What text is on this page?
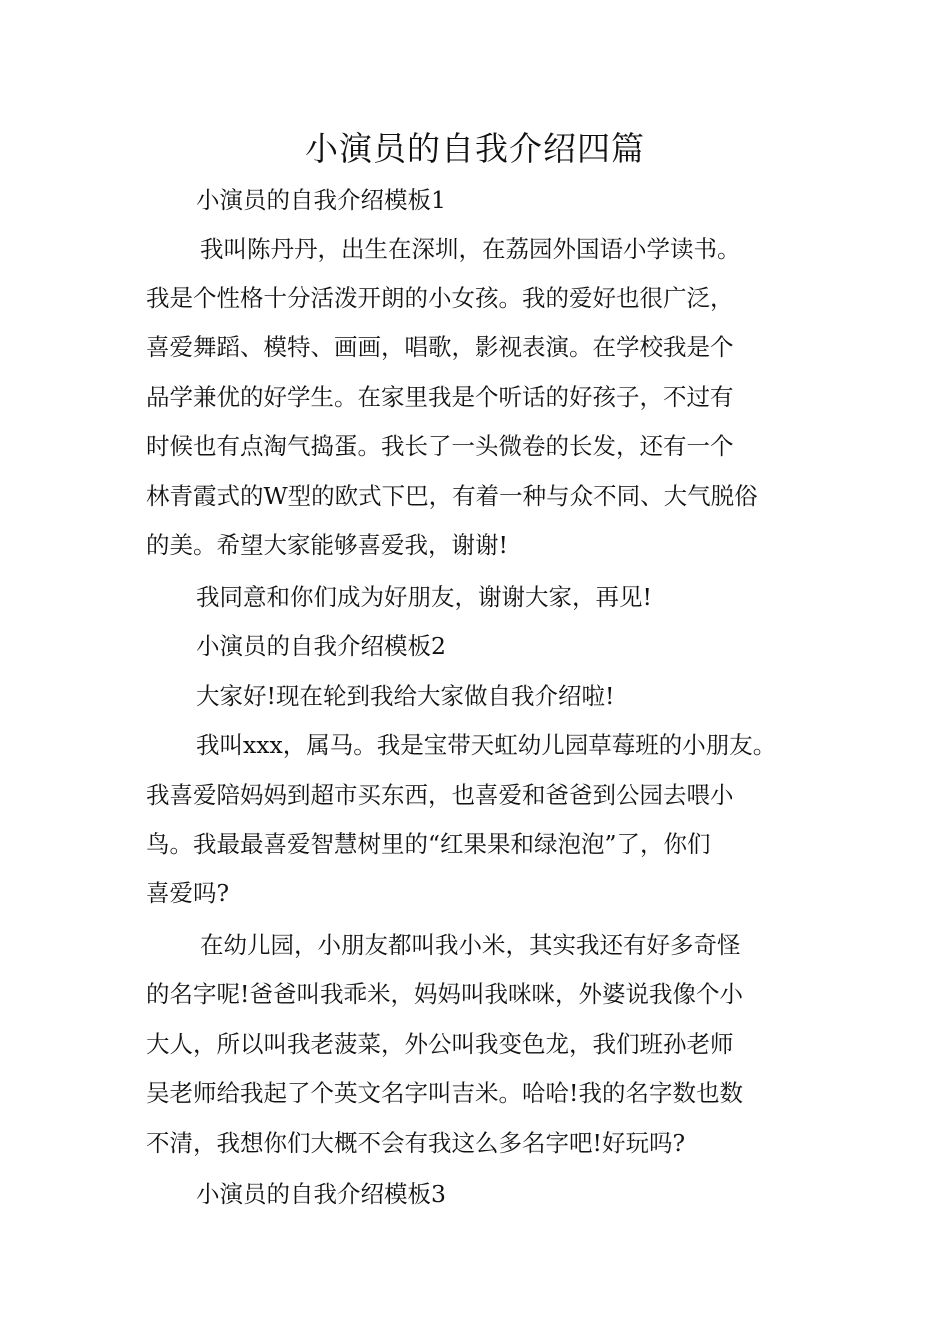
小演员的自我介绍四篇
小演员的自我介绍模板1
我叫陈丹丹，出生在深圳，在荔园外国语小学读书。
我是个性格十分活泼开朗的小女孩。我的爱好也很广泛，
喜爱舞蹈、模特、画画，唱歌，影视表演。在学校我是个
品学兼优的好学生。在家里我是个听话的好孩子，不过有
时候也有点淘气捣蛋。我长了一头微卷的长发，还有一个
林青霞式的W型的欧式下巴，有着一种与众不同、大气脱俗
的美。希望大家能够喜爱我，谢谢!
我同意和你们成为好朋友，谢谢大家，再见!
小演员的自我介绍模板2
大家好!现在轮到我给大家做自我介绍啦!
我叫xxx，属马。我是宝带天虹幼儿园草莓班的小朋友。
我喜爱陪妈妈到超市买东西，也喜爱和爸爸到公园去喂小
鸟。我最最喜爱智慧树里的“红果果和绿泡泡”了，你们
喜爱吗?
在幼儿园，小朋友都叫我小米，其实我还有好多奇怪
的名字呢!爸爸叫我乖米，妈妈叫我咪咪，外婆说我像个小
大人，所以叫我老菠菜，外公叫我变色龙，我们班孙老师
吴老师给我起了个英文名字叫吉米。哈哈!我的名字数也数
不清，我想你们大概不会有我这么多名字吧!好玩吗?
小演员的自我介绍模板3
